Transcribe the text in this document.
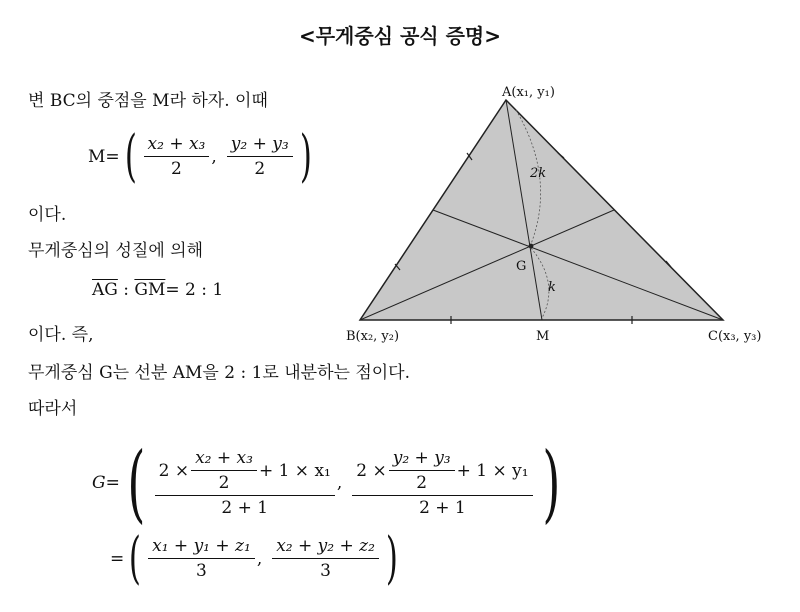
<무게중심 공식 증명>
변 BC의 중점을 M라 하자. 이때
M= ( $\frac{\text{x₂ + x₃}}{2}$ , $\frac{\text{y₂ + y₃}}{2}$ )
이다.
무게중심의 성질에 의해
$\overline{AG}$ : $\overline{GM}= 2$ : 1
이다. 즉,
무게중심 G는 선분 AM을 2 : 1로 내분하는 점이다.
따라서
G= ( $\frac{2 \times \frac{\text{x₂ + x₃}}{2} + 1 \times x_1}{2 + 1}$ , $\frac{2 \times \frac{\text{y₂ + y₃}}{2} + 1 \times y_1}{2 + 1}$ )
= ( $\frac{\text{x₁ + y₁ + z₁}}{3}$ , $\frac{\text{x₂ + y₂ + z₂}}{3}$ )
A(x₁, y₁)
B(x₂, y₂)	C(x₃, y₃)
M
G
2k
k
